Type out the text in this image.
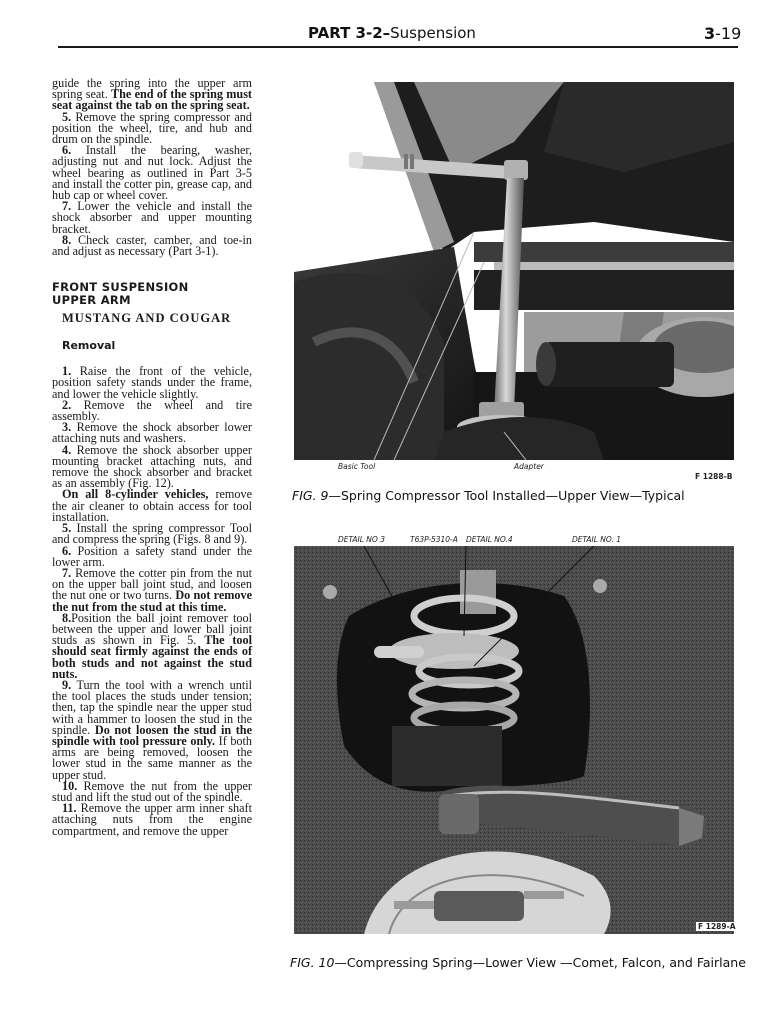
PART 3-2–Suspension	3-19

guide the spring into the upper arm spring seat. The end of the spring must seat against the tab on the spring seat.

5. Remove the spring compressor and position the wheel, tire, and hub and drum on the spindle.

6. Install the bearing, washer, adjusting nut and nut lock. Adjust the wheel bearing as outlined in Part 3-5 and install the cotter pin, grease cap, and hub cap or wheel cover.

7. Lower the vehicle and install the shock absorber and upper mounting bracket.

8. Check caster, camber, and toe-in and adjust as necessary (Part 3-1).

FRONT SUSPENSION UPPER ARM

MUSTANG AND COUGAR

Removal

1. Raise the front of the vehicle, position safety stands under the frame, and lower the vehicle slightly.

2. Remove the wheel and tire assembly.

3. Remove the shock absorber lower attaching nuts and washers.

4. Remove the shock absorber upper mounting bracket attaching nuts, and remove the shock absorber and bracket as an assembly (Fig. 12).

On all 8-cylinder vehicles, remove the air cleaner to obtain access for tool installation.

5. Install the spring compressor Tool and compress the spring (Figs. 8 and 9).

6. Position a safety stand under the lower arm.

7. Remove the cotter pin from the nut on the upper ball joint stud, and loosen the nut one or two turns. Do not remove the nut from the stud at this time.

8.Position the ball joint remover tool between the upper and lower ball joint studs as shown in Fig. 5. The tool should seat firmly against the ends of both studs and not against the stud nuts.

9. Turn the tool with a wrench until the tool places the studs under tension; then, tap the spindle near the upper stud with a hammer to loosen the stud in the spindle. Do not loosen the stud in the spindle with tool pressure only. If both arms are being removed, loosen the lower stud in the same manner as the upper stud.

10. Remove the nut from the upper stud and lift the stud out of the spindle.

11. Remove the upper arm inner shaft attaching nuts from the engine compartment, and remove the upper

Basic Tool	Adapter
F 1288-B
FIG. 9—Spring Compressor Tool Installed—Upper View—Typical
DETAIL NO 3	T63P-5310-A DETAIL NO.4	DETAIL NO. 1
F 1289-A
FIG. 10—Compressing Spring—Lower View —Comet, Falcon, and Fairlane
